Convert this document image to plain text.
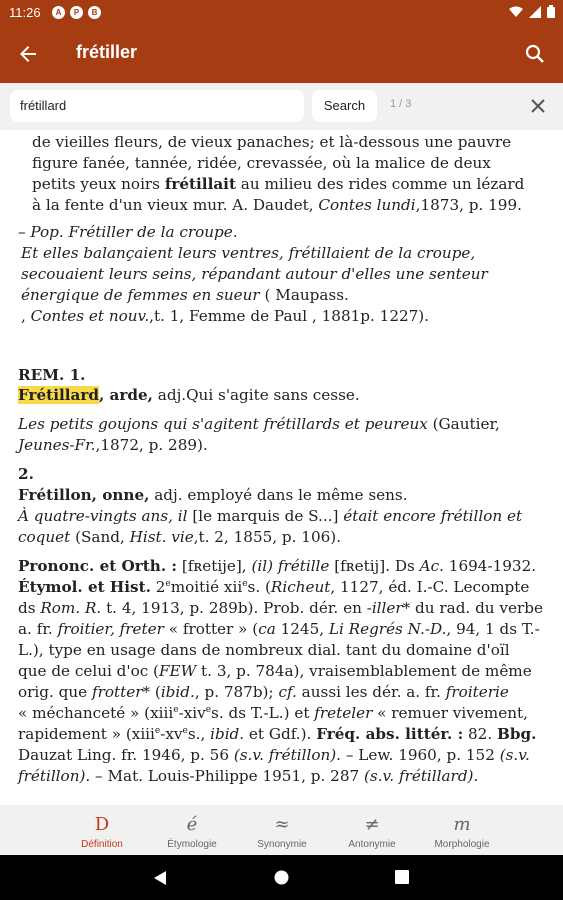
11:26	A	P	B
frétiller
frétillard	Search	1 / 3
de vieilles fleurs, de vieux panaches; et là-dessous une pauvre
figure fanée, tannée, ridée, crevassée, où la malice de deux
petits yeux noirs frétillait au milieu des rides comme un lézard
à la fente d'un vieux mur. A. Daudet, Contes lundi,1873, p. 199.
– Pop. Frétiller de la croupe.
Et elles balançaient leurs ventres, frétillaient de la croupe,
secouaient leurs seins, répandant autour d'elles une senteur
énergique de femmes en sueur ( Maupass.
, Contes et nouv.,t. 1, Femme de Paul , 1881p. 1227).
REM. 1.
Frétillard, arde, adj.Qui s'agite sans cesse.
Les petits goujons qui s'agitent frétillards et peureux (Gautier,
Jeunes-Fr.,1872, p. 289).
2.
Frétillon, onne, adj. employé dans le même sens.
À quatre-vingts ans, il [le marquis de S...] était encore frétillon et
coquet (Sand, Hist. vie,t. 2, 1855, p. 106).
Prononc. et Orth. : [fʀetije], (il) frétille [fʀetij]. Ds Ac. 1694-1932.
Étymol. et Hist. 2emoitié xii$^e$s. (Richeut, 1127, éd. I.-C. Lecompte
ds Rom. R. t. 4, 1913, p. 289b). Prob. dér. en -iller* du rad. du verbe
a. fr. froitier, freter « frotter » (ca 1245, Li Regrés N.-D., 94, 1 ds T.-
L.), type en usage dans de nombreux dial. tant du domaine d'oïl
que de celui d'oc (FEW t. 3, p. 784a), vraisemblablement de même
orig. que frotter* (ibid., p. 787b); cf. aussi les dér. a. fr. froiterie
« méchanceté » (xiii$^e$-xiv$^e$s. ds T.-L.) et freteler « remuer vivement,
rapidement » ($xiii^e-xv^es$., ibid. et Gdf.). Fréq. abs. littér. : 82. Bbg.
Dauzat Ling. fr. 1946, p. 56 (s.v. frétillon). – Lew. 1960, p. 152 (s.v.
frétillon). – Mat. Louis-Philippe 1951, p. 287 (s.v. frétillard).
D
Définition
é
Étymologie
≈
Synonymie
≠
Antonymie
m
Morphologie
